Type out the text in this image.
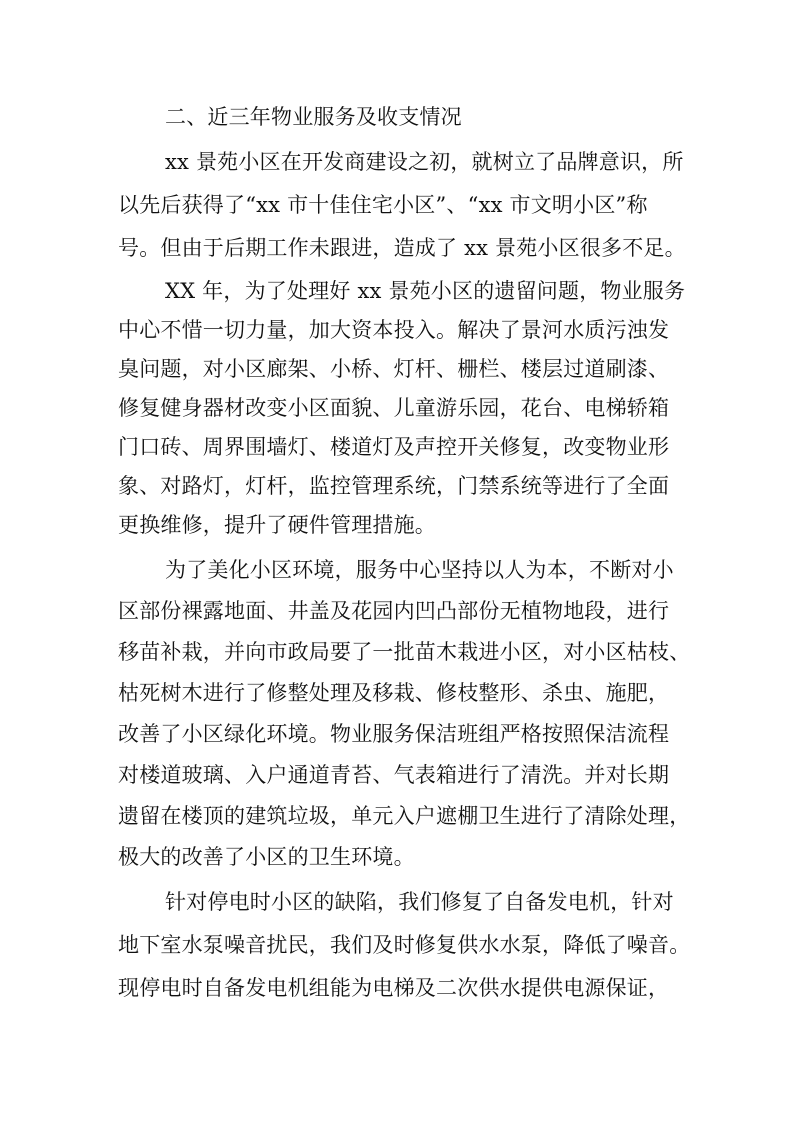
二、近三年物业服务及收支情况
xx 景苑小区在开发商建设之初，就树立了品牌意识，所
以先后获得了“xx 市十佳住宅小区”、“xx 市文明小区”称
号。但由于后期工作未跟进，造成了 xx 景苑小区很多不足。
XX 年，为了处理好 xx 景苑小区的遗留问题，物业服务
中心不惜一切力量，加大资本投入。解决了景河水质污浊发
臭问题，对小区廊架、小桥、灯杆、栅栏、楼层过道刷漆、
修复健身器材改变小区面貌、儿童游乐园，花台、电梯轿箱
门口砖、周界围墙灯、楼道灯及声控开关修复，改变物业形
象、对路灯，灯杆，监控管理系统，门禁系统等进行了全面
更换维修，提升了硬件管理措施。
为了美化小区环境，服务中心坚持以人为本，不断对小
区部份裸露地面、井盖及花园内凹凸部份无植物地段，进行
移苗补栽，并向市政局要了一批苗木栽进小区，对小区枯枝、
枯死树木进行了修整处理及移栽、修枝整形、杀虫、施肥，
改善了小区绿化环境。物业服务保洁班组严格按照保洁流程
对楼道玻璃、入户通道青苔、气表箱进行了清洗。并对长期
遗留在楼顶的建筑垃圾，单元入户遮棚卫生进行了清除处理，
极大的改善了小区的卫生环境。
针对停电时小区的缺陷，我们修复了自备发电机，针对
地下室水泵噪音扰民，我们及时修复供水水泵，降低了噪音。
现停电时自备发电机组能为电梯及二次供水提供电源保证，
